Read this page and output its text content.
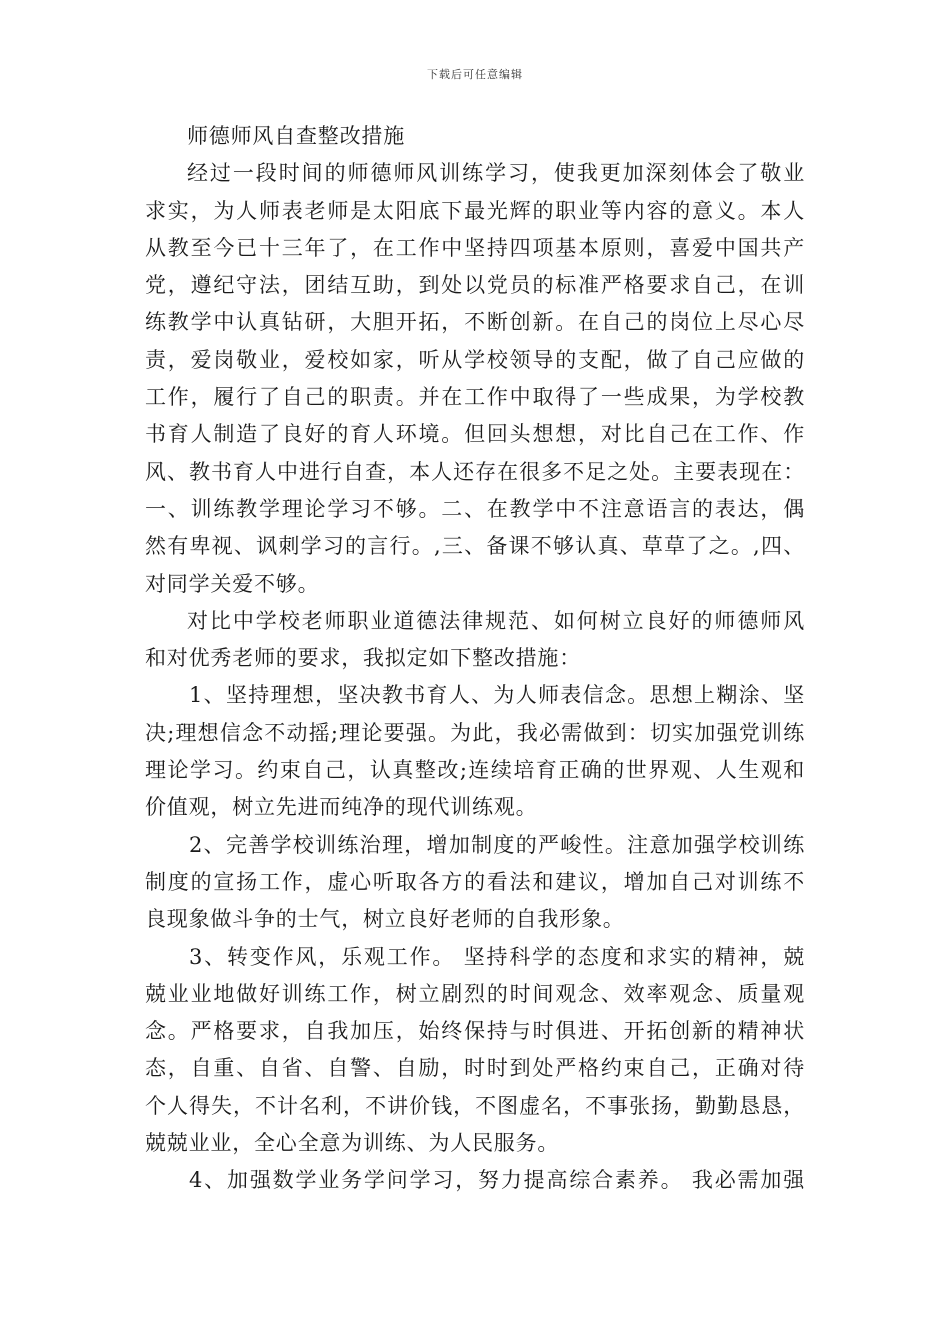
下载后可任意编辑
师德师风自查整改措施
经过一段时间的师德师风训练学习，使我更加深刻体会了敬业
求实，为人师表老师是太阳底下最光辉的职业等内容的意义。本人
从教至今已十三年了，在工作中坚持四项基本原则，喜爱中国共产
党，遵纪守法，团结互助，到处以党员的标准严格要求自己，在训
练教学中认真钻研，大胆开拓，不断创新。在自己的岗位上尽心尽
责，爱岗敬业，爱校如家，听从学校领导的支配，做了自己应做的
工作，履行了自己的职责。并在工作中取得了一些成果，为学校教
书育人制造了良好的育人环境。但回头想想，对比自己在工作、作
风、教书育人中进行自查，本人还存在很多不足之处。主要表现在：
一、训练教学理论学习不够。二、在教学中不注意语言的表达，偶
然有卑视、讽刺学习的言行。,三、备课不够认真、草草了之。,四、
对同学关爱不够。
对比中学校老师职业道德法律规范、如何树立良好的师德师风
和对优秀老师的要求，我拟定如下整改措施：
1、坚持理想，坚决教书育人、为人师表信念。思想上糊涂、坚
决;理想信念不动摇;理论要强。为此，我必需做到：切实加强党训练
理论学习。约束自己，认真整改;连续培育正确的世界观、人生观和
价值观，树立先进而纯净的现代训练观。
2、完善学校训练治理，增加制度的严峻性。注意加强学校训练
制度的宣扬工作，虚心听取各方的看法和建议，增加自己对训练不
良现象做斗争的士气，树立良好老师的自我形象。
3、转变作风，乐观工作。 坚持科学的态度和求实的精神，兢
兢业业地做好训练工作，树立剧烈的时间观念、效率观念、质量观
念。严格要求，自我加压，始终保持与时俱进、开拓创新的精神状
态，自重、自省、自警、自励，时时到处严格约束自己，正确对待
个人得失，不计名利，不讲价钱，不图虚名，不事张扬，勤勤恳恳，
兢兢业业，全心全意为训练、为人民服务。
4、加强数学业务学问学习，努力提高综合素养。 我必需加强
